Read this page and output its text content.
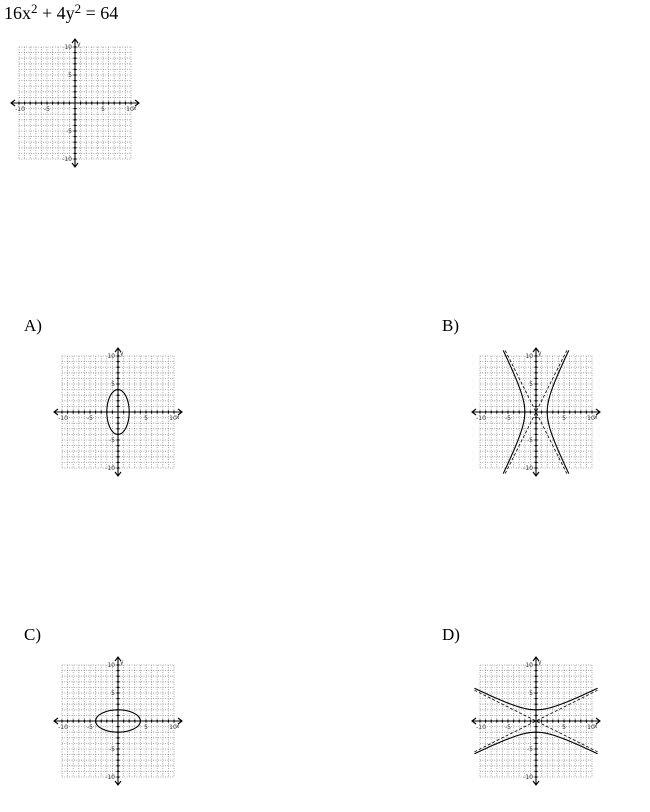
$16x^2 + 4y^2 = 64$
-10	-5	5	10
10
5
-5
-10
x
y
A)
-10	-5	5	10
10
5
-5
-10
x
y
B)
-10	-5	5	10
10
5
-5
-10
x
y
C)
-10	-5	5	10
10
5
-5
-10
x
y
D)
-10	-5	5	10
10
5
-5
-10
x
y
